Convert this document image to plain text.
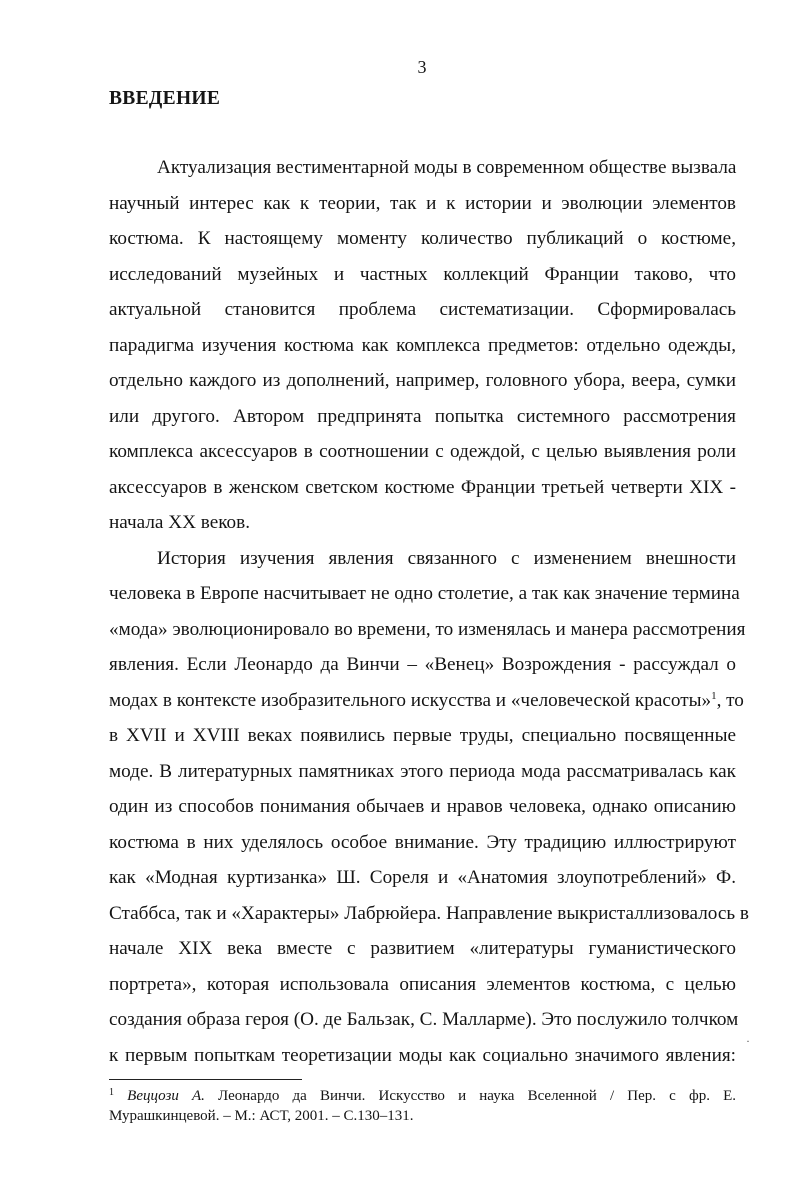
3
ВВЕДЕНИЕ
Актуализация вестиментарной моды в современном обществе вызвала
научный интерес как к теории, так и к истории и эволюции элементов
костюма. К настоящему моменту количество публикаций о костюме,
исследований музейных и частных коллекций Франции таково, что
актуальной становится проблема систематизации. Сформировалась
парадигма изучения костюма как комплекса предметов: отдельно одежды,
отдельно каждого из дополнений, например, головного убора, веера, сумки
или другого. Автором предпринята попытка системного рассмотрения
комплекса аксессуаров в соотношении с одеждой, с целью выявления роли
аксессуаров в женском светском костюме Франции третьей четверти XIX -
начала XX веков.
История изучения явления связанного с изменением внешности
человека в Европе насчитывает не одно столетие, а так как значение термина
«мода» эволюционировало во времени, то изменялась и манера рассмотрения
явления. Если Леонардо да Винчи – «Венец» Возрождения - рассуждал о
модах в контексте изобразительного искусства и «человеческой красоты»$^1$, то
в XVII и XVIII веках появились первые труды, специально посвященные
моде. В литературных памятниках этого периода мода рассматривалась как
один из способов понимания обычаев и нравов человека, однако описанию
костюма в них уделялось особое внимание. Эту традицию иллюстрируют
как «Модная куртизанка» Ш. Сореля и «Анатомия злоупотреблений» Ф.
Стаббса, так и «Характеры» Лабрюйера. Направление выкристаллизовалось в
начале XIX века вместе с развитием «литературы гуманистического
портрета», которая использовала описания элементов костюма, с целью
создания образа героя (О. де Бальзак, С. Малларме). Это послужило толчком
к первым попыткам теоретизации моды как социально значимого явления:
$^1$ Веццози А. Леонардо да Винчи. Искусство и наука Вселенной / Пер. с фр. Е.
Мурашкинцевой. – М.: АСТ, 2001. – С.130–131.
·
